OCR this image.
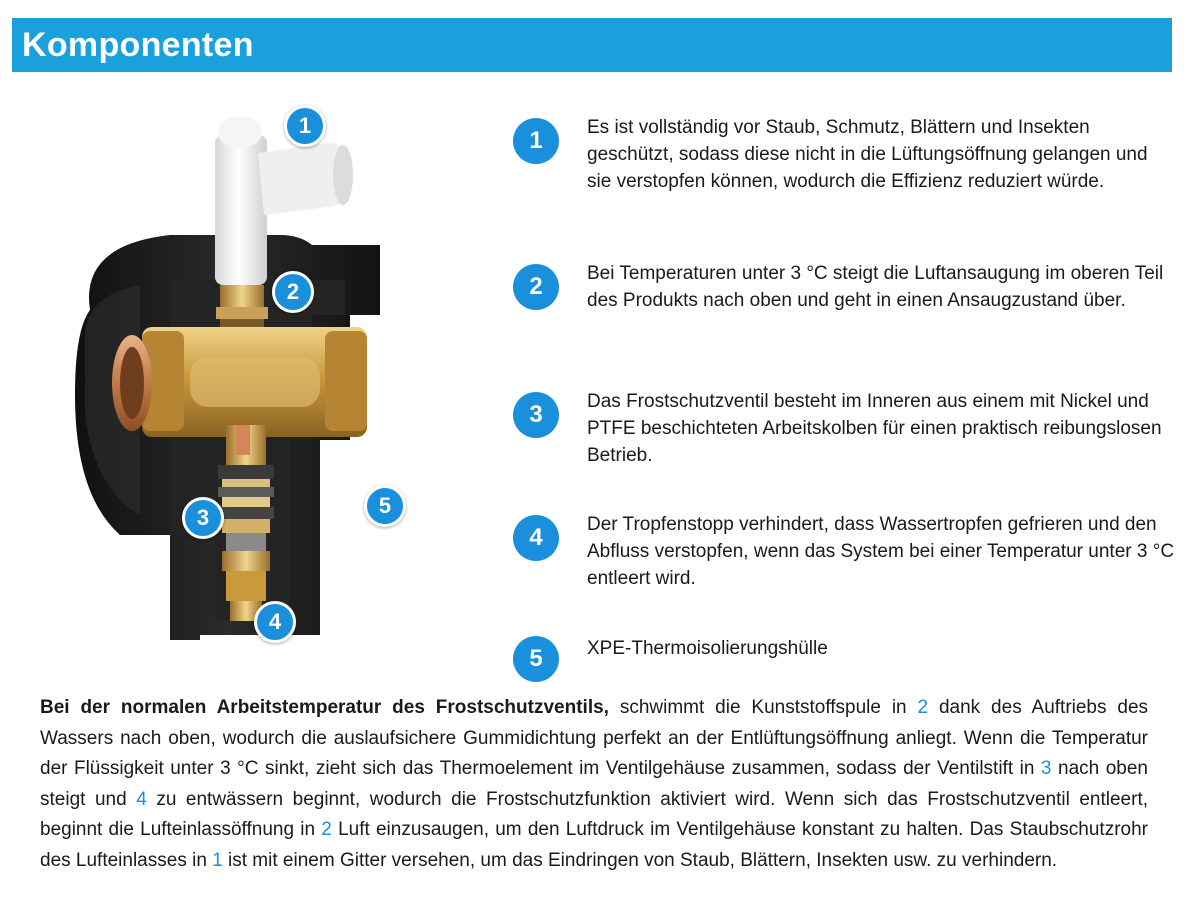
Komponenten
1
2
3
4
5
1	Es ist vollständig vor Staub, Schmutz, Blättern und Insekten geschützt, sodass diese nicht in die Lüftungsöffnung gelangen und sie verstopfen können, wodurch die Effizienz reduziert würde.
2	Bei Temperaturen unter 3 °C steigt die Luftansaugung im oberen Teil des Produkts nach oben und geht in einen Ansaugzustand über.
3	Das Frostschutzventil besteht im Inneren aus einem mit Nickel und PTFE beschichteten Arbeitskolben für einen praktisch reibungslosen Betrieb.
4	Der Tropfenstopp verhindert, dass Wassertropfen gefrieren und den Abfluss verstopfen, wenn das System bei einer Temperatur unter 3 °C entleert wird.
5	XPE-Thermoisolierungshülle
Bei der normalen Arbeitstemperatur des Frostschutzventils, schwimmt die Kunststoffspule in 2 dank des Auftriebs des Wassers nach oben, wodurch die auslaufsichere Gummidichtung perfekt an der Entlüftungsöffnung anliegt. Wenn die Temperatur der Flüssigkeit unter 3 °C sinkt, zieht sich das Thermoelement im Ventilgehäuse zusammen, sodass der Ventilstift in 3 nach oben steigt und 4 zu entwässern beginnt, wodurch die Frostschutzfunktion aktiviert wird. Wenn sich das Frostschutzventil entleert, beginnt die Lufteinlassöffnung in 2 Luft einzusaugen, um den Luftdruck im Ventilgehäuse konstant zu halten. Das Staubschutzrohr des Lufteinlasses in 1 ist mit einem Gitter versehen, um das Eindringen von Staub, Blättern, Insekten usw. zu verhindern.
